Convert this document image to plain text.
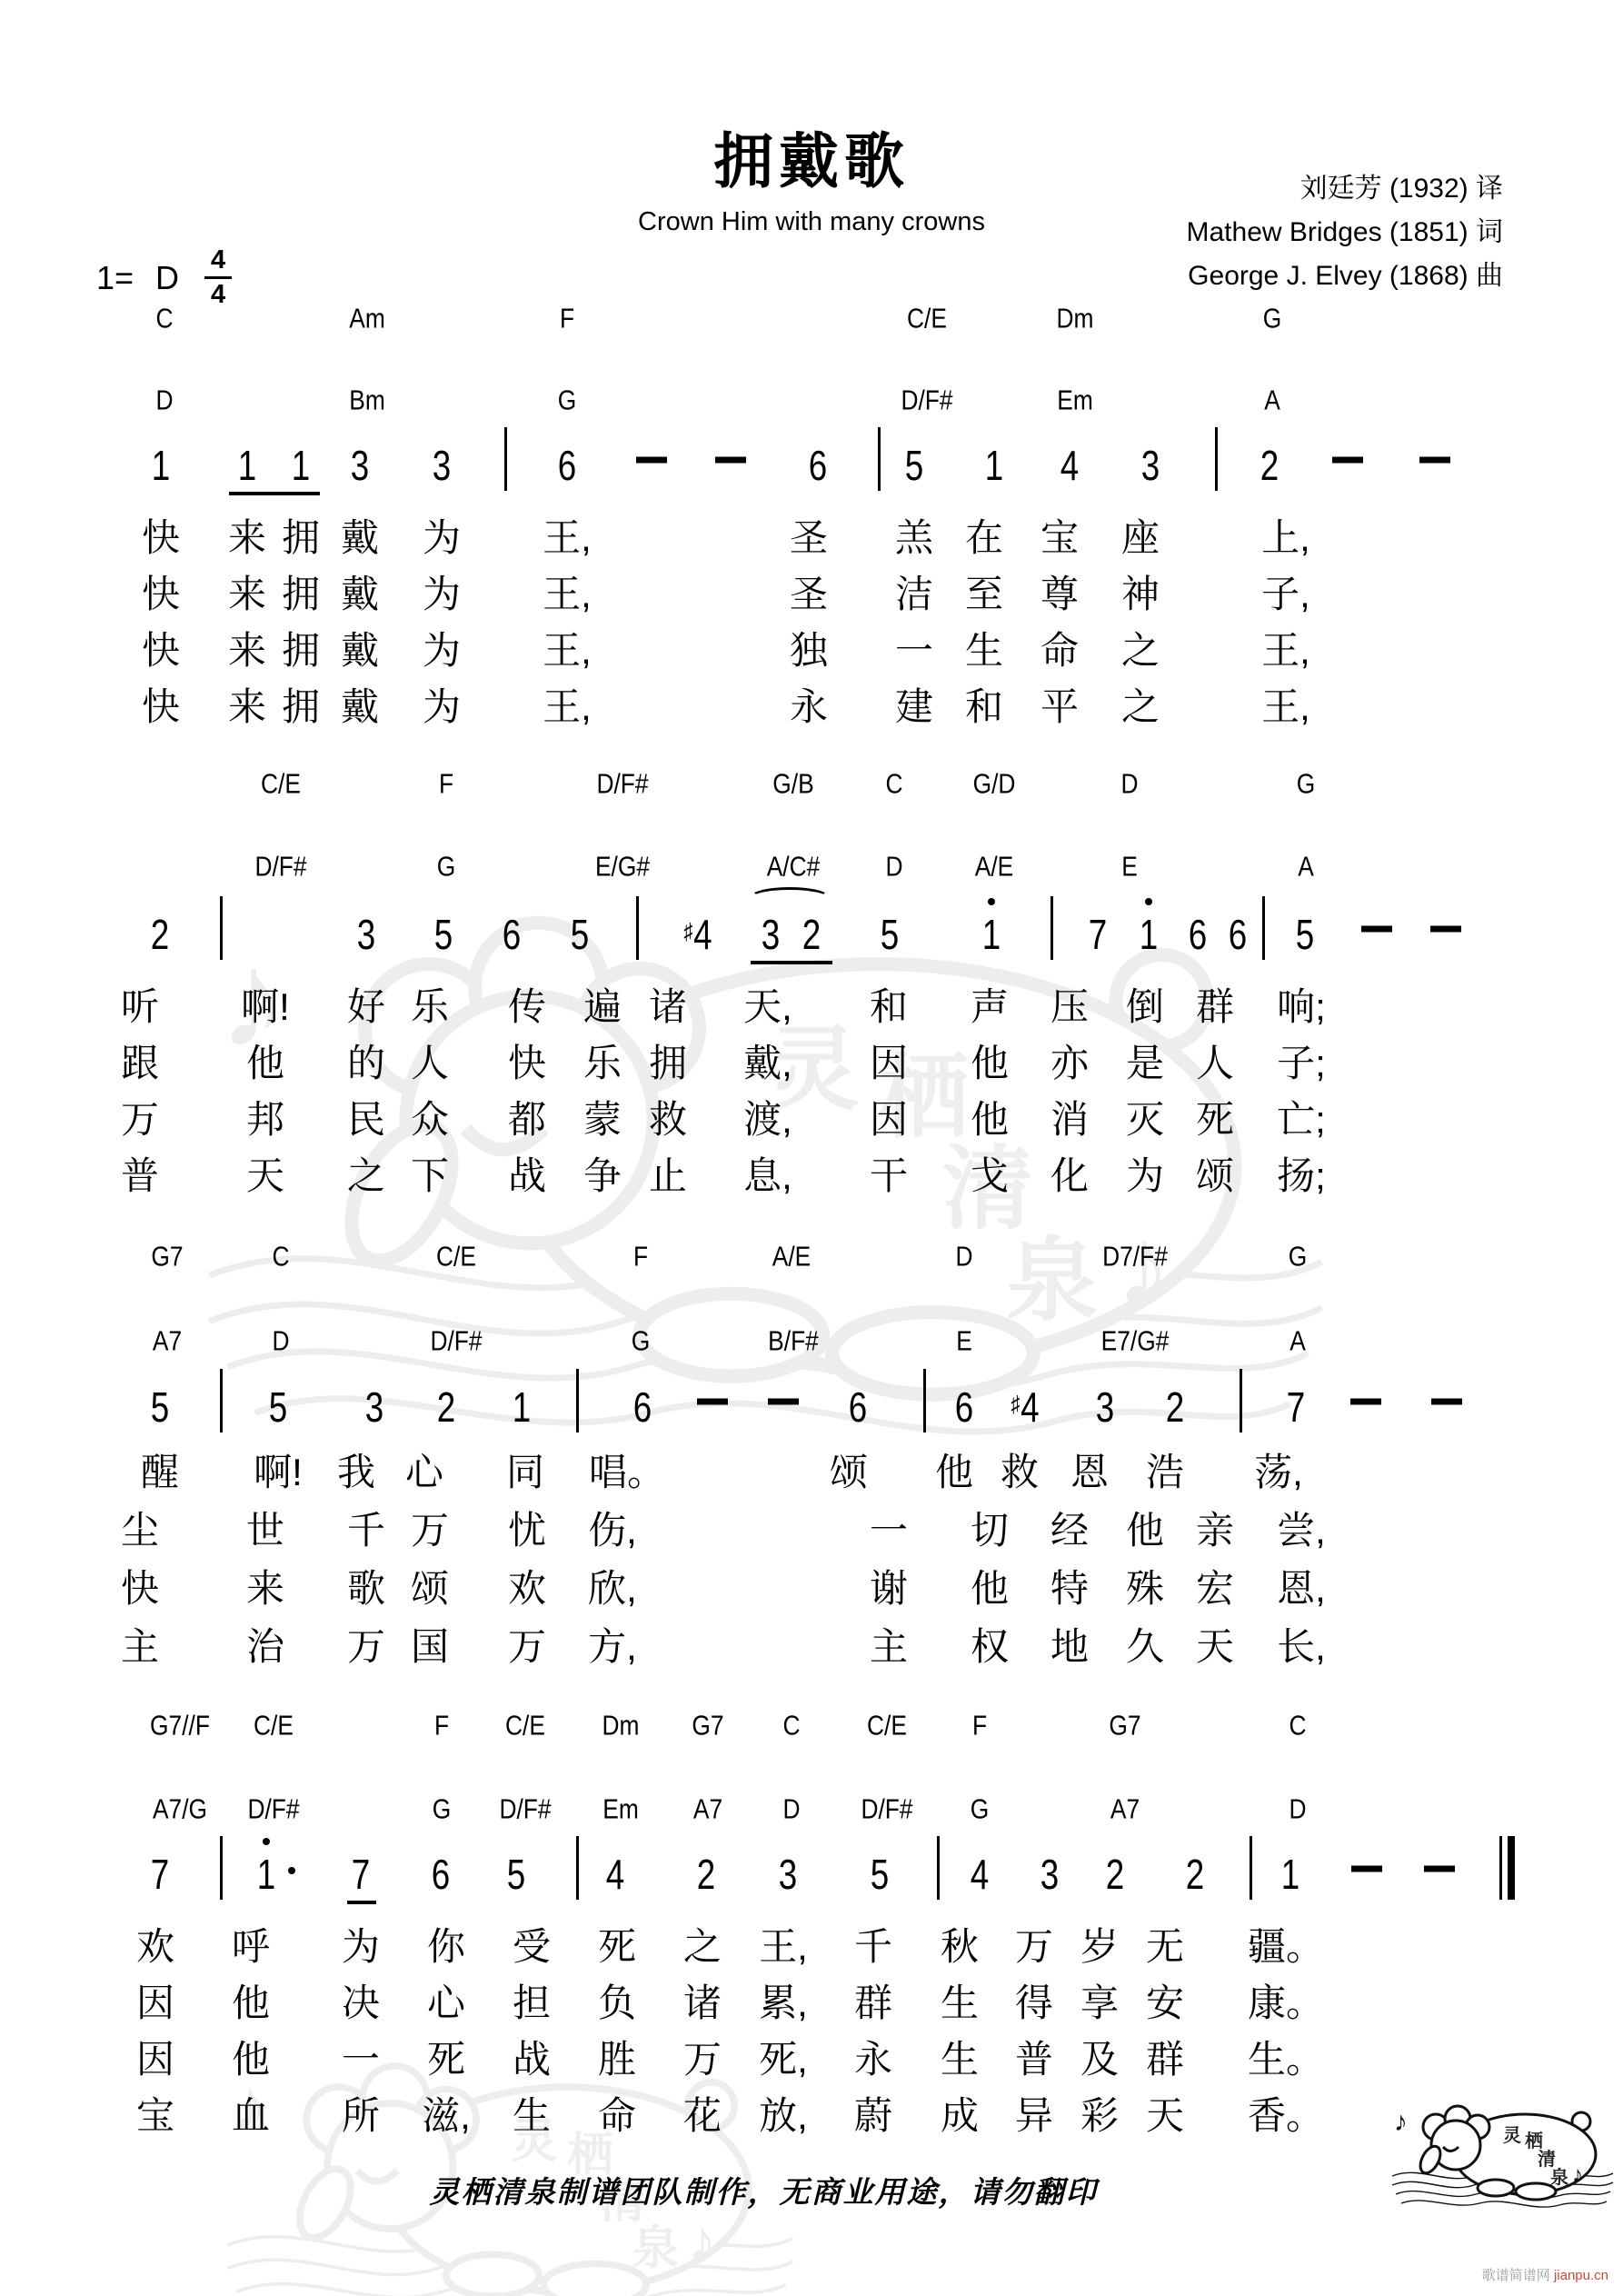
拥戴歌
Crown Him with many crowns
刘廷芳 (1932) 译
Mathew Bridges (1851) 词
George J. Elvey (1868) 曲
1= D $\frac{4}{4}$
C	Am	F	C/E	Dm	G
D	Bm	G	D/F#	Em	A
1 1 1 3 3	6	6 5 1 4 3 2
快 来 拥 戴 为 王,	圣 羔 在 宝 座	上,
快 来 拥 戴 为 王,	圣 洁 至 尊 神	子,
快 来 拥 戴 为 王,	独 一 生 命 之	王,
快 来 拥 戴 为 王,	永 建 和 平 之	王,
C/E	F	D/F#	G/B	C G/D	D	G
D/F#	G	E/G#	A/C# D	A/E	E	A
2	3 5 6 5	♯4 3 2 5 1 7 1 6 6 5
听 啊! 好 乐 传 遍 诸 天, 和 声 压 倒 群 响;
跟 他 的 人 快 乐 拥 戴, 因 他 亦 是 人 子;
万 邦 民 众 都 蒙 救 渡, 因 他 消 灭 死 亡;
普 天 之 下 战 争 止 息, 干 戈 化 为 颂 扬;
G7	C	C/E	F	A/E	D	D7/F#	G
A7	D	D/F#	G	B/F#	E	E7/G#	A
5 5 3 2 1 6	6 6 ♯4 3 2 7
醒 啊! 我 心 同 唱。	颂 他 救 恩 浩 荡,
尘 世 千 万 忧 伤,	一 切 经 他 亲 尝,
快 来 歌 颂 欢 欣,	谢 他 特 殊 宏 恩,
主 治 万 国 万 方,	主 权 地 久 天 长,
G7//F C/E	F C/E Dm G7 C C/E F	G7	C
A7/G D/F#	G D/F# Em A7 D D/F# G	A7	D
7 1 7 6 5 4 2 3 5 4 3 2 2 1
欢 呼 为 你 受 死 之 王, 千 秋 万 岁 无 疆。
因 他 决 心 担 负 诸 累, 群 生 得 享 安 康。
因 他 一 死 战 胜 万 死, 永 生 普 及 群 生。
宝 血 所 滋, 生 命 花 放, 蔚 成 异 彩 天 香。
灵栖清泉制谱团队制作，无商业用途，请勿翻印
歌谱简谱网 jianpu.cn
